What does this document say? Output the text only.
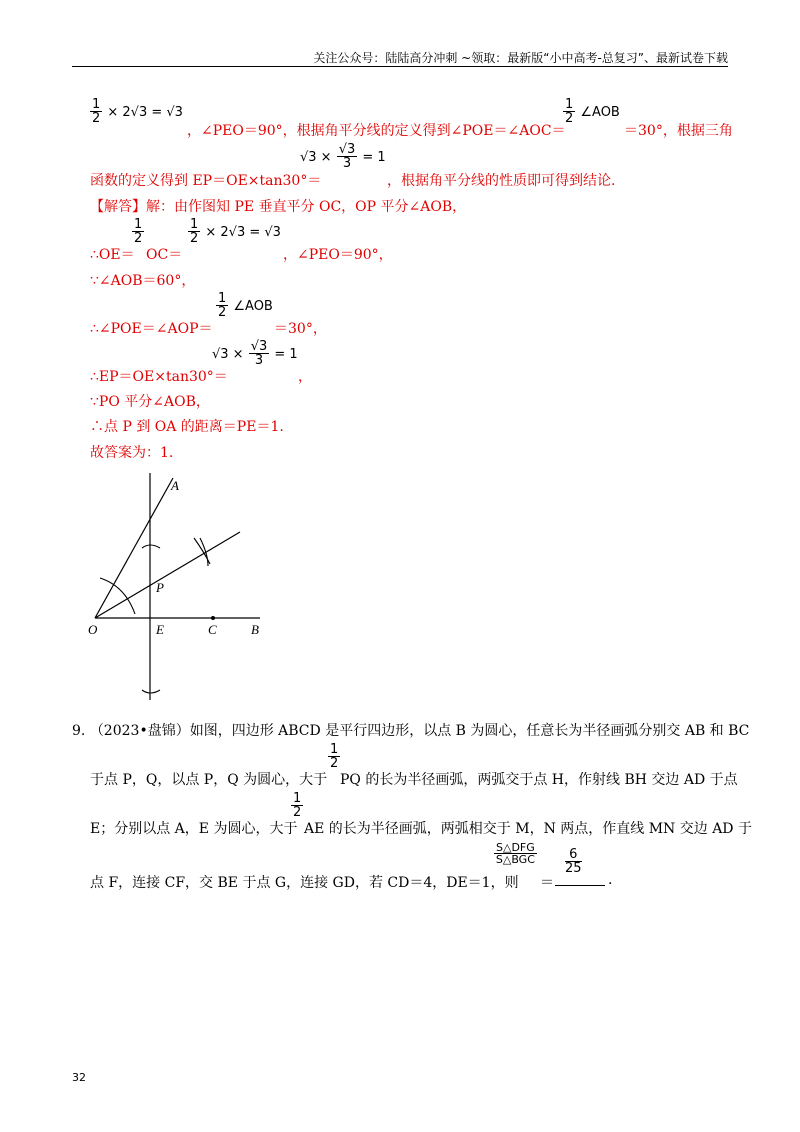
关注公众号：陆陆高分冲刺 ~领取：最新版“小中高考-总复习”、最新试卷下载
$\frac{1}{2} \times 2√3 = √3$
，∠PEO＝90°，根据角平分线的定义得到∠POE＝∠AOC＝
$\frac{1}{2}$ ∠AOB
＝30°，根据三角
函数的定义得到 EP＝OE×tan30°＝
$√3 \times \frac{√3}{3} = 1$
，根据角平分线的性质即可得到结论.
【解答】解：由作图知 PE 垂直平分 OC，OP 平分∠AOB，
∴OE＝
$\frac{1}{2}$
OC＝
$\frac{1}{2} \times 2√3 = √3$
，∠PEO＝90°，
∵∠AOB＝60°，
∴∠POE＝∠AOP＝
$\frac{1}{2}$ ∠AOB
＝30°，
∴EP＝OE×tan30°＝
$√3 \times \frac{√3}{3} = 1$
，
∵PO 平分∠AOB，
∴点 P 到 OA 的距离＝PE＝1.
故答案为：1.
A
P
O	E	C	B
9. （2023•盘锦）如图，四边形 ABCD 是平行四边形，以点 B 为圆心，任意长为半径画弧分别交 AB 和 BC
于点 P，Q，以点 P，Q 为圆心，大于
$\frac{1}{2}$
PQ 的长为半径画弧，两弧交于点 H，作射线 BH 交边 AD 于点
E；分别以点 A，E 为圆心，大于
$\frac{1}{2}$
AE 的长为半径画弧，两弧相交于 M，N 两点，作直线 MN 交边 AD 于
点 F，连接 CF，交 BE 于点 G，连接 GD，若 CD＝4，DE＝1，则
$\frac{\text{S△DFG}}{\text{S△BGC}}$
＝
$\frac{6}{25}$
.
32
